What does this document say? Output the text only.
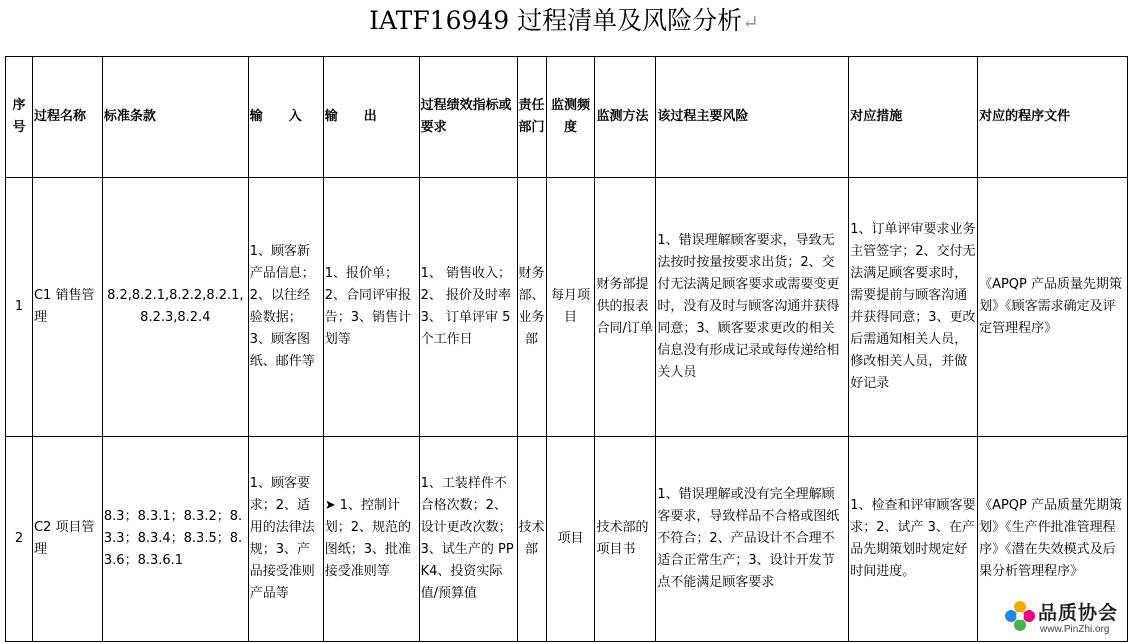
IATF16949 过程清单及风险分析↵
序号	过程名称	标准条款	输　　入	输　　出	过程绩效指标或要求	责任部门	监测频度	监测方法	该过程主要风险	对应措施	对应的程序文件
1	C1 销售管理	8.2,8.2.1,8.2.2,8.2.1,8.2.3,8.2.4	1、顾客新产品信息；2、以往经验数据；3、顾客图纸、邮件等	1、报价单；2、合同评审报告；3、销售计划等	1、 销售收入；2、 报价及时率 3、 订单评审 5 个工作日	财务部、业务部	每月项目	财务部提供的报表合同/订单	1、错误理解顾客要求，导致无法按时按量按要求出货；2、交付无法满足顾客要求或需要变更时，没有及时与顾客沟通并获得同意；3、顾客要求更改的相关信息没有形成记录或每传递给相关人员	1、订单评审要求业务主管签字；2、交付无法满足顾客要求时，需要提前与顾客沟通并获得同意；3、更改后需通知相关人员，修改相关人员，并做好记录	《APQP 产品质量先期策划》《顾客需求确定及评定管理程序》
2	C2 项目管理	8.3；8.3.1；8.3.2；8.3.3；8.3.4；8.3.5；8.3.6；8.3.6.1	1、顾客要求；2、适用的法律法规；3、产品接受准则产品等	➤ 1、控制计划；2、规范的图纸；3、批准接受准则等	1、工装样件不合格次数；2、设计更改次数；3、试生产的 PPK4、投资实际值/预算值	技术部	项目	技术部的项目书	1、错误理解或没有完全理解顾客要求，导致样品不合格或图纸不符合；2、产品设计不合理不适合正常生产；3、设计开发节点不能满足顾客要求	1、检查和评审顾客要求；2、试产 3、在产品先期策划时规定好时间进度。	《APQP 产品质量先期策划》《生产件批准管理程序》《潜在失效模式及后果分析管理程序》
品质协会
www.PinZhi.org
